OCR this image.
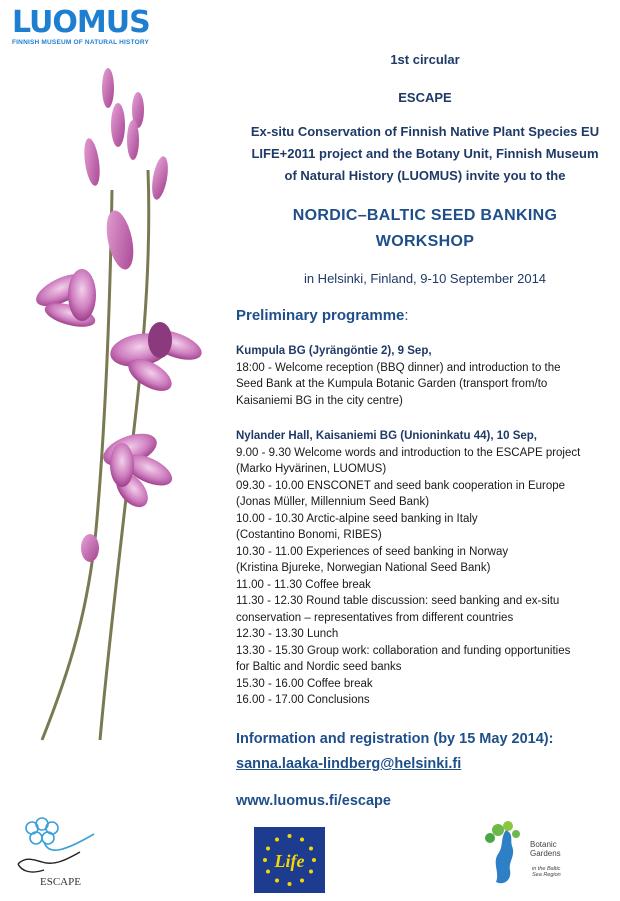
LUOMUS
FINNISH MUSEUM OF NATURAL HISTORY
1st circular
ESCAPE
Ex-situ Conservation of Finnish Native Plant Species EU
LIFE+2011 project and the Botany Unit, Finnish Museum
of Natural History (LUOMUS) invite you to the
NORDIC–BALTIC SEED BANKING
WORKSHOP
in Helsinki, Finland, 9-10 September 2014
Preliminary programme:
Kumpula BG (Jyrängöntie 2), 9 Sep,
18:00 - Welcome reception (BBQ dinner) and introduction to the
Seed Bank at the Kumpula Botanic Garden (transport from/to
Kaisaniemi BG in the city centre)
Nylander Hall, Kaisaniemi BG (Unioninkatu 44), 10 Sep,
9.00 - 9.30 Welcome words and introduction to the ESCAPE project
(Marko Hyvärinen, LUOMUS)
09.30 - 10.00 ENSCONET and seed bank cooperation in Europe
(Jonas Müller, Millennium Seed Bank)
10.00 - 10.30 Arctic-alpine seed banking in Italy
(Costantino Bonomi, RIBES)
10.30 - 11.00 Experiences of seed banking in Norway
(Kristina Bjureke, Norwegian National Seed Bank)
11.00 - 11.30 Coffee break
11.30 - 12.30 Round table discussion: seed banking and ex-situ
conservation – representatives from different countries
12.30 - 13.30 Lunch
13.30 - 15.30 Group work: collaboration and funding opportunities
for Baltic and Nordic seed banks
15.30 - 16.00 Coffee break
16.00 - 17.00 Conclusions
Information and registration (by 15 May 2014):
sanna.laaka-lindberg@helsinki.fi
www.luomus.fi/escape
ESCAPE
Life
Botanic
Gardens
in the Baltic
Sea Region
